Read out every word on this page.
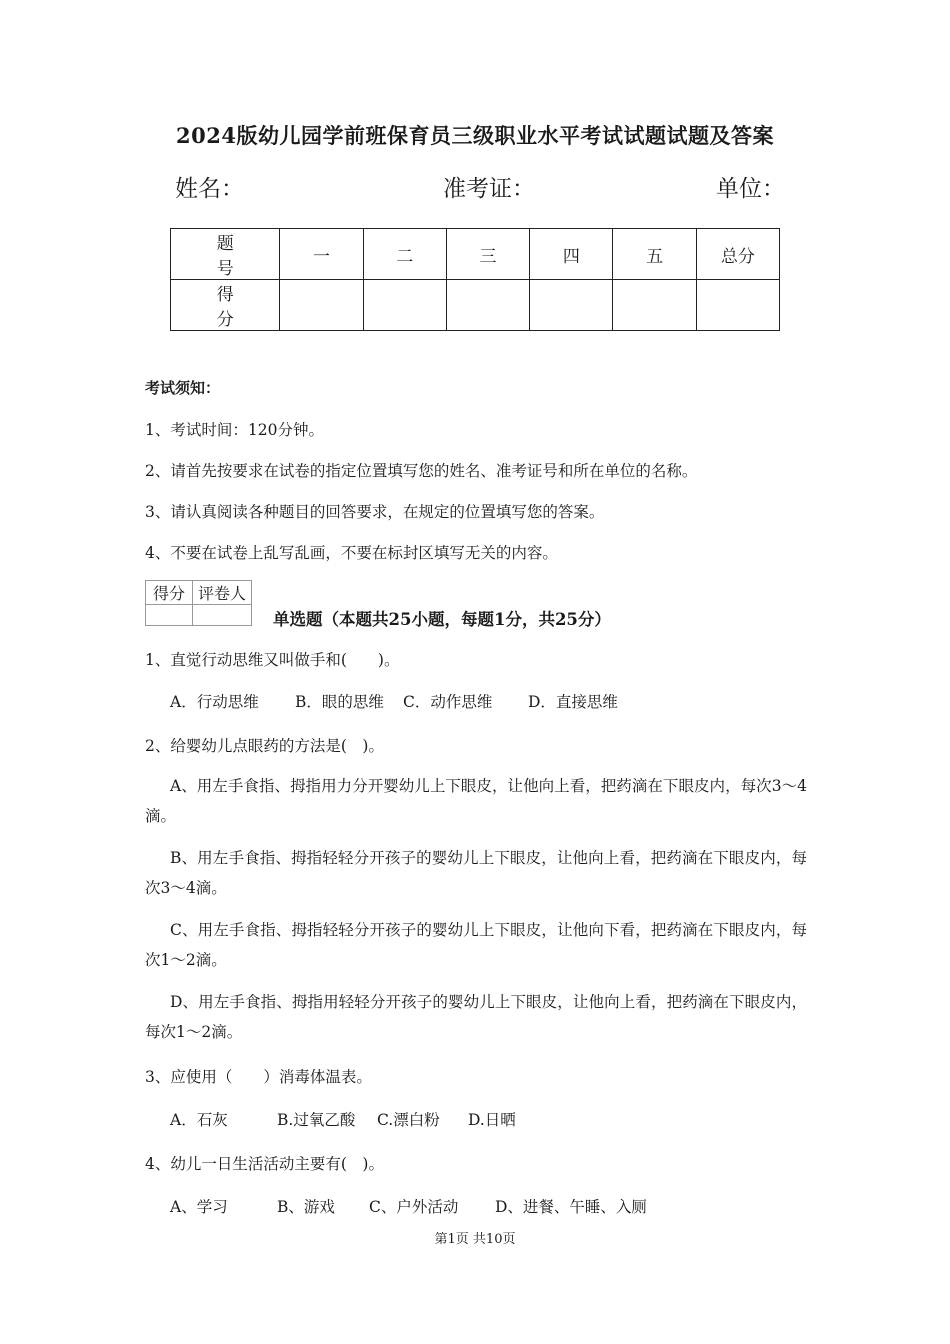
2024版幼儿园学前班保育员三级职业水平考试试题试题及答案
姓名：	准考证：	单位：
题　号	一	二	三	四	五	总分
得　分						
考试须知：
1、考试时间：120分钟。
2、请首先按要求在试卷的指定位置填写您的姓名、准考证号和所在单位的名称。
3、请认真阅读各种题目的回答要求，在规定的位置填写您的答案。
4、不要在试卷上乱写乱画，不要在标封区填写无关的内容。
得分	评卷人

单选题（本题共25小题，每题1分，共25分）
1、直觉行动思维又叫做手和(　　)。
A．行动思维 B．眼的思维 C．动作思维 D．直接思维
2、给婴幼儿点眼药的方法是(　)。
A、用左手食指、拇指用力分开婴幼儿上下眼皮，让他向上看，把药滴在下眼皮内，每次3～4滴。
B、用左手食指、拇指轻轻分开孩子的婴幼儿上下眼皮，让他向上看，把药滴在下眼皮内，每次3～4滴。
C、用左手食指、拇指轻轻分开孩子的婴幼儿上下眼皮，让他向下看，把药滴在下眼皮内，每次1～2滴。
D、用左手食指、拇指用轻轻分开孩子的婴幼儿上下眼皮，让他向上看，把药滴在下眼皮内，每次1～2滴。
3、应使用（　　）消毒体温表。
A．石灰	B.过氧乙酸 C.漂白粉 D.日晒
4、幼儿一日生活活动主要有(　)。
A、学习	B、游戏 C、户外活动 D、进餐、午睡、入厕
第1页 共10页
